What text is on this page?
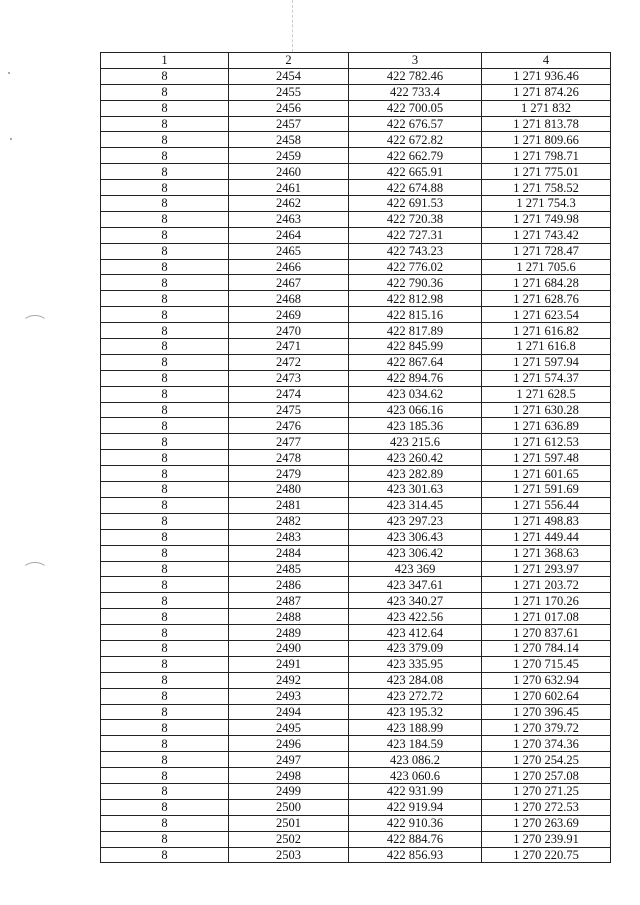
1	2	3	4
8	2454	422 782.46	1 271 936.46
8	2455	422 733.4	1 271 874.26
8	2456	422 700.05	1 271 832
8	2457	422 676.57	1 271 813.78
8	2458	422 672.82	1 271 809.66
8	2459	422 662.79	1 271 798.71
8	2460	422 665.91	1 271 775.01
8	2461	422 674.88	1 271 758.52
8	2462	422 691.53	1 271 754.3
8	2463	422 720.38	1 271 749.98
8	2464	422 727.31	1 271 743.42
8	2465	422 743.23	1 271 728.47
8	2466	422 776.02	1 271 705.6
8	2467	422 790.36	1 271 684.28
8	2468	422 812.98	1 271 628.76
8	2469	422 815.16	1 271 623.54
8	2470	422 817.89	1 271 616.82
8	2471	422 845.99	1 271 616.8
8	2472	422 867.64	1 271 597.94
8	2473	422 894.76	1 271 574.37
8	2474	423 034.62	1 271 628.5
8	2475	423 066.16	1 271 630.28
8	2476	423 185.36	1 271 636.89
8	2477	423 215.6	1 271 612.53
8	2478	423 260.42	1 271 597.48
8	2479	423 282.89	1 271 601.65
8	2480	423 301.63	1 271 591.69
8	2481	423 314.45	1 271 556.44
8	2482	423 297.23	1 271 498.83
8	2483	423 306.43	1 271 449.44
8	2484	423 306.42	1 271 368.63
8	2485	423 369	1 271 293.97
8	2486	423 347.61	1 271 203.72
8	2487	423 340.27	1 271 170.26
8	2488	423 422.56	1 271 017.08
8	2489	423 412.64	1 270 837.61
8	2490	423 379.09	1 270 784.14
8	2491	423 335.95	1 270 715.45
8	2492	423 284.08	1 270 632.94
8	2493	423 272.72	1 270 602.64
8	2494	423 195.32	1 270 396.45
8	2495	423 188.99	1 270 379.72
8	2496	423 184.59	1 270 374.36
8	2497	423 086.2	1 270 254.25
8	2498	423 060.6	1 270 257.08
8	2499	422 931.99	1 270 271.25
8	2500	422 919.94	1 270 272.53
8	2501	422 910.36	1 270 263.69
8	2502	422 884.76	1 270 239.91
8	2503	422 856.93	1 270 220.75
